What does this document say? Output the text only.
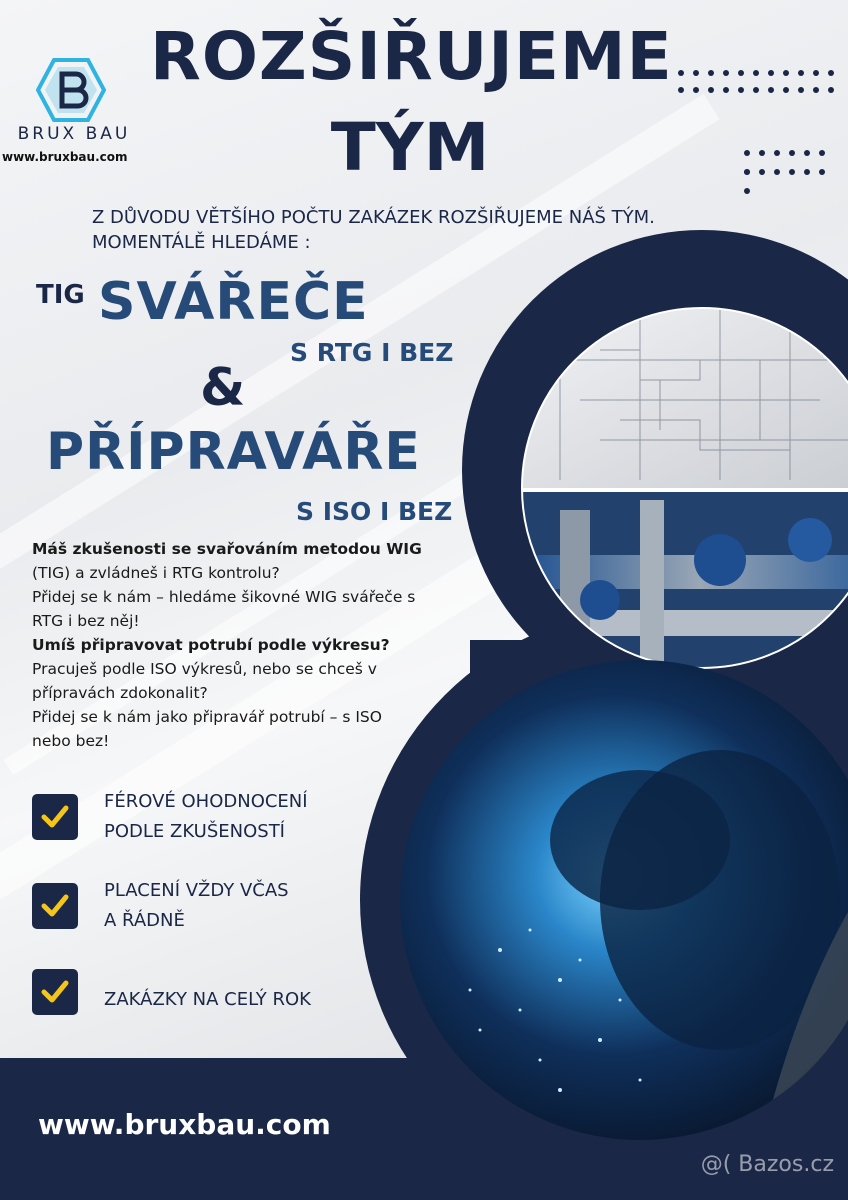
BRUX BAU
www.bruxbau.com
ROZŠIŘUJEME
TÝM
Z DŮVODU VĚTŠÍHO POČTU ZAKÁZEK ROZŠIŘUJEME NÁŠ TÝM.
MOMENTÁLĚ HLEDÁME :
TIG SVÁŘEČE
S RTG I BEZ
&
PŘÍPRAVÁŘE
S ISO I BEZ
Máš zkušenosti se svařováním metodou WIG
(TIG) a zvládneš i RTG kontrolu?
Přidej se k nám – hledáme šikovné WIG svářeče s
RTG i bez něj!
Umíš připravovat potrubí podle výkresu?
Pracuješ podle ISO výkresů, nebo se chceš v
přípravách zdokonalit?
Přidej se k nám jako připravář potrubí – s ISO
nebo bez!
FÉROVÉ OHODNOCENÍ
PODLE ZKUŠENOSTÍ
PLACENÍ VŽDY VČAS
A ŘÁDNĚ
ZAKÁZKY NA CELÝ ROK
www.bruxbau.com
@( Bazos.cz
